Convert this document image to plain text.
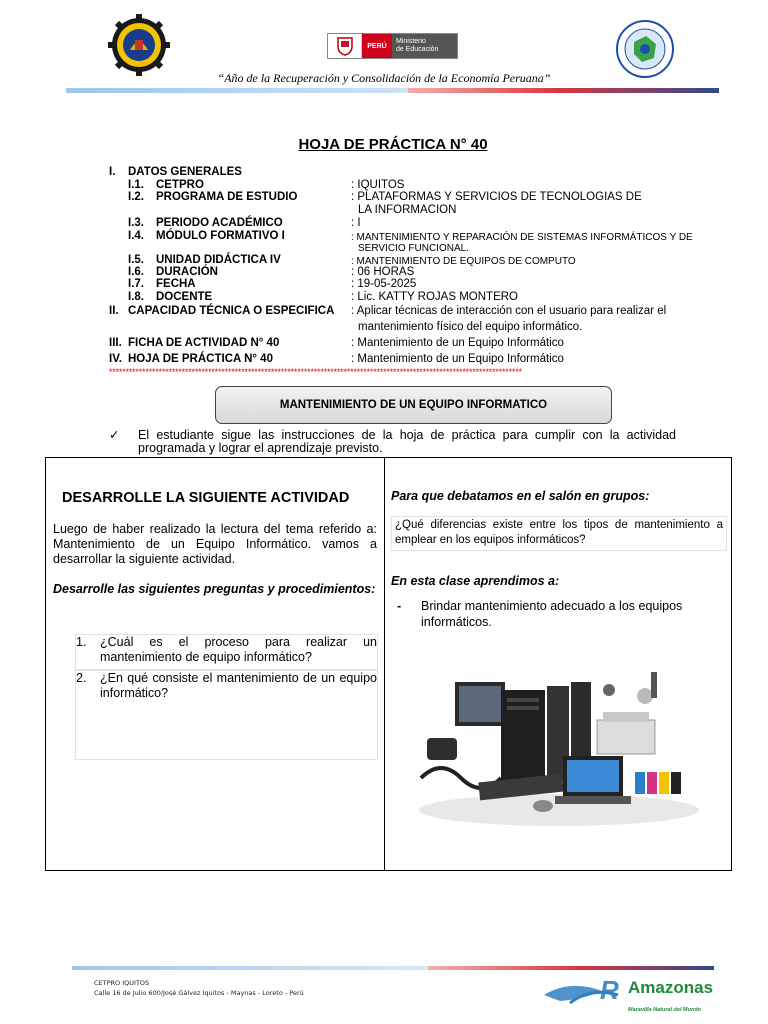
PERÚ
Ministerio
de Educación
“Año de la Recuperación y Consolidación de la Economía Peruana”
HOJA DE PRÁCTICA N° 40
I. DATOS GENERALES
I.1. CETPRO	: IQUITOS
I.2. PROGRAMA DE ESTUDIO	: PLATAFORMAS Y SERVICIOS DE TECNOLOGIAS DE
LA INFORMACION
I.3. PERIODO ACADÉMICO	: I
I.4. MÓDULO FORMATIVO I	: MANTENIMIENTO Y REPARACIÓN DE SISTEMAS INFORMÁTICOS Y DE
SERVICIO FUNCIONAL.
I.5. UNIDAD DIDÁCTICA IV	: MANTENIMIENTO DE EQUIPOS DE COMPUTO
I.6. DURACIÓN	: 06 HORAS
I.7. FECHA	: 19-05-2025
I.8. DOCENTE	: Lic. KATTY ROJAS MONTERO
II. CAPACIDAD TÉCNICA O ESPECIFICA : Aplicar técnicas de interacción con el usuario para realizar el
mantenimiento físico del equipo informático.
III. FICHA DE ACTIVIDAD N° 40	: Mantenimiento de un Equipo Informático
IV. HOJA DE PRÁCTICA N° 40	: Mantenimiento de un Equipo Informático
*****************************************************************************************************************************
MANTENIMIENTO DE UN EQUIPO INFORMATICO
✓	El estudiante sigue las instrucciones de la hoja de práctica para cumplir con la actividad programada y lograr el aprendizaje previsto.
DESARROLLE LA SIGUIENTE ACTIVIDAD
Luego de haber realizado la lectura del tema referido a: Mantenimiento de un Equipo Informático. vamos a desarrollar la siguiente actividad.
Desarrolle las siguientes preguntas y procedimientos:
1.	¿Cuál es el proceso para realizar un mantenimiento de equipo informático?
2.	¿En qué consiste el mantenimiento de un equipo informático?
Para que debatamos en el salón en grupos:
¿Qué diferencias existe entre los tipos de mantenimiento a emplear en los equipos informáticos?
En esta clase aprendimos a:
-	Brindar mantenimiento adecuado a los equipos informáticos.
CETPRO IQUITOS
Calle 16 de Julio 600/José Gálvez Iquitos - Maynas - Loreto - Perú	R Amazonas
Maravilla Natural del Mundo
